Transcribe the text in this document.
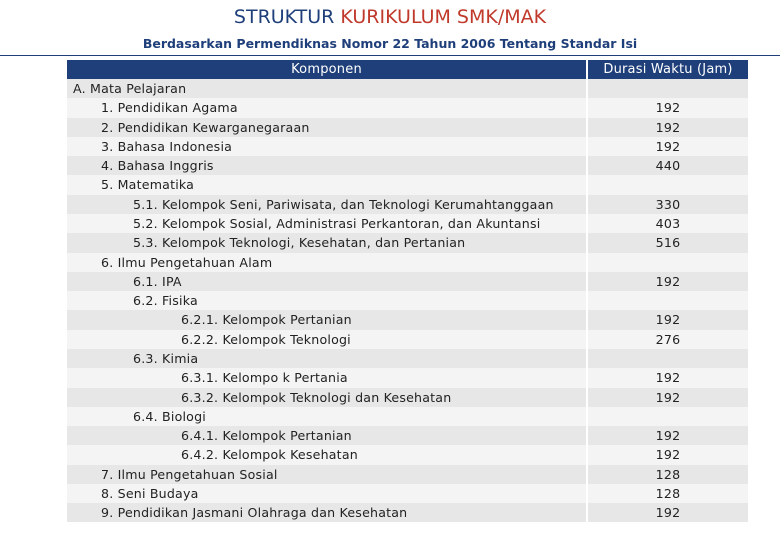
STRUKTUR KURIKULUM SMK/MAK
Berdasarkan Permendiknas Nomor 22 Tahun 2006 Tentang Standar Isi
Komponen		Durasi Waktu (Jam)
A. Mata Pelajaran		
1. Pendidikan Agama		192
2. Pendidikan Kewarganegaraan		192
3. Bahasa Indonesia		192
4. Bahasa Inggris		440
5. Matematika		
5.1. Kelompok Seni, Pariwisata, dan Teknologi Kerumahtanggaan		330
5.2. Kelompok Sosial, Administrasi Perkantoran, dan Akuntansi		403
5.3. Kelompok Teknologi, Kesehatan, dan Pertanian		516
6. Ilmu Pengetahuan Alam		
6.1. IPA		192
6.2. Fisika		
6.2.1. Kelompok Pertanian		192
6.2.2. Kelompok Teknologi		276
6.3. Kimia		
6.3.1. Kelompo k Pertania		192
6.3.2. Kelompok Teknologi dan Kesehatan		192
6.4. Biologi		
6.4.1. Kelompok Pertanian		192
6.4.2. Kelompok Kesehatan		192
7. Ilmu Pengetahuan Sosial		128
8. Seni Budaya		128
9. Pendidikan Jasmani Olahraga dan Kesehatan		192
